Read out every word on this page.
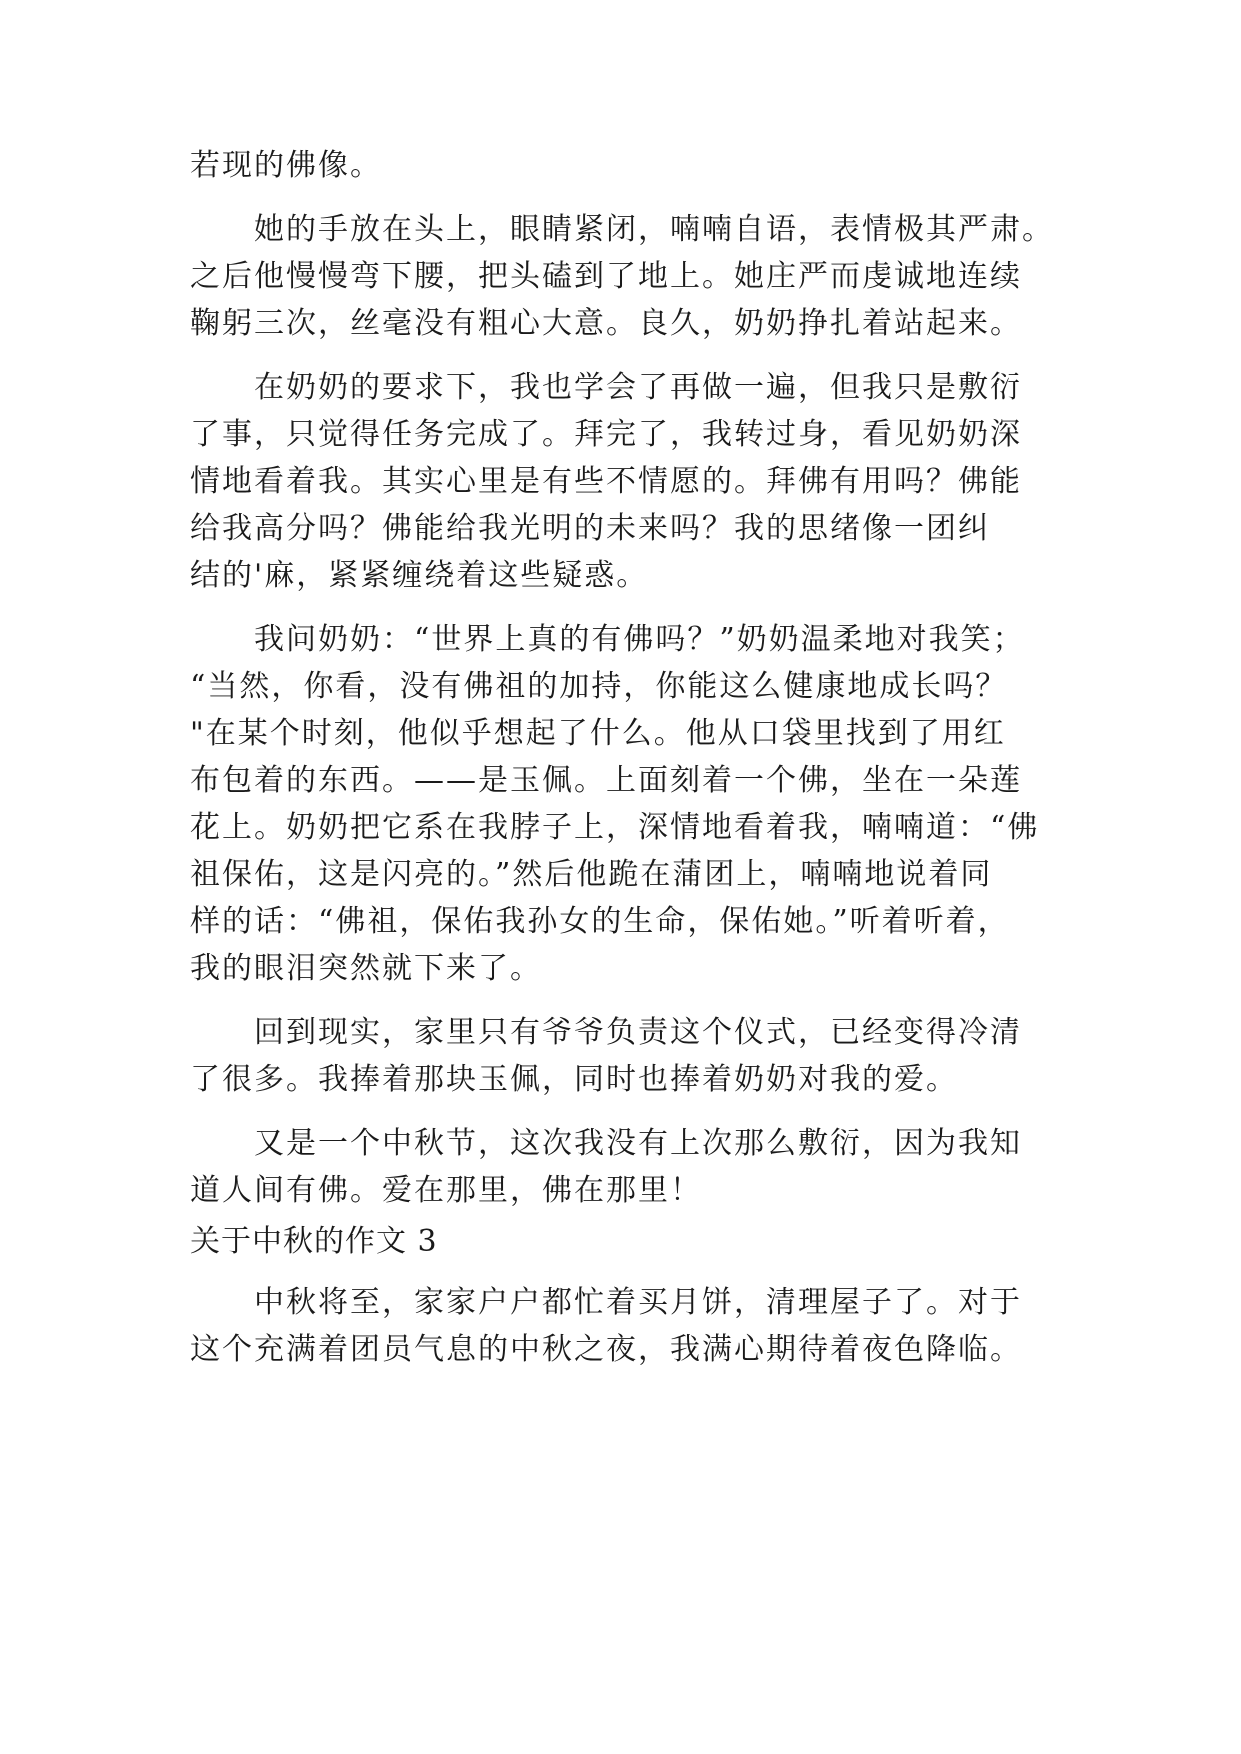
若现的佛像。
她的手放在头上，眼睛紧闭，喃喃自语，表情极其严肃。
之后他慢慢弯下腰，把头磕到了地上。她庄严而虔诚地连续
鞠躬三次，丝毫没有粗心大意。良久，奶奶挣扎着站起来。
在奶奶的要求下，我也学会了再做一遍，但我只是敷衍
了事，只觉得任务完成了。拜完了，我转过身，看见奶奶深
情地看着我。其实心里是有些不情愿的。拜佛有用吗？佛能
给我高分吗？佛能给我光明的未来吗？我的思绪像一团纠
结的'麻，紧紧缠绕着这些疑惑。
我问奶奶：“世界上真的有佛吗？”奶奶温柔地对我笑；
“当然，你看，没有佛祖的加持，你能这么健康地成长吗？
"在某个时刻，他似乎想起了什么。他从口袋里找到了用红
布包着的东西。——是玉佩。上面刻着一个佛，坐在一朵莲
花上。奶奶把它系在我脖子上，深情地看着我，喃喃道：“佛
祖保佑，这是闪亮的。”然后他跪在蒲团上，喃喃地说着同
样的话：“佛祖，保佑我孙女的生命，保佑她。”听着听着，
我的眼泪突然就下来了。
回到现实，家里只有爷爷负责这个仪式，已经变得冷清
了很多。我捧着那块玉佩，同时也捧着奶奶对我的爱。
又是一个中秋节，这次我没有上次那么敷衍，因为我知
道人间有佛。爱在那里，佛在那里！
关于中秋的作文 3
中秋将至，家家户户都忙着买月饼，清理屋子了。对于
这个充满着团员气息的中秋之夜，我满心期待着夜色降临。
